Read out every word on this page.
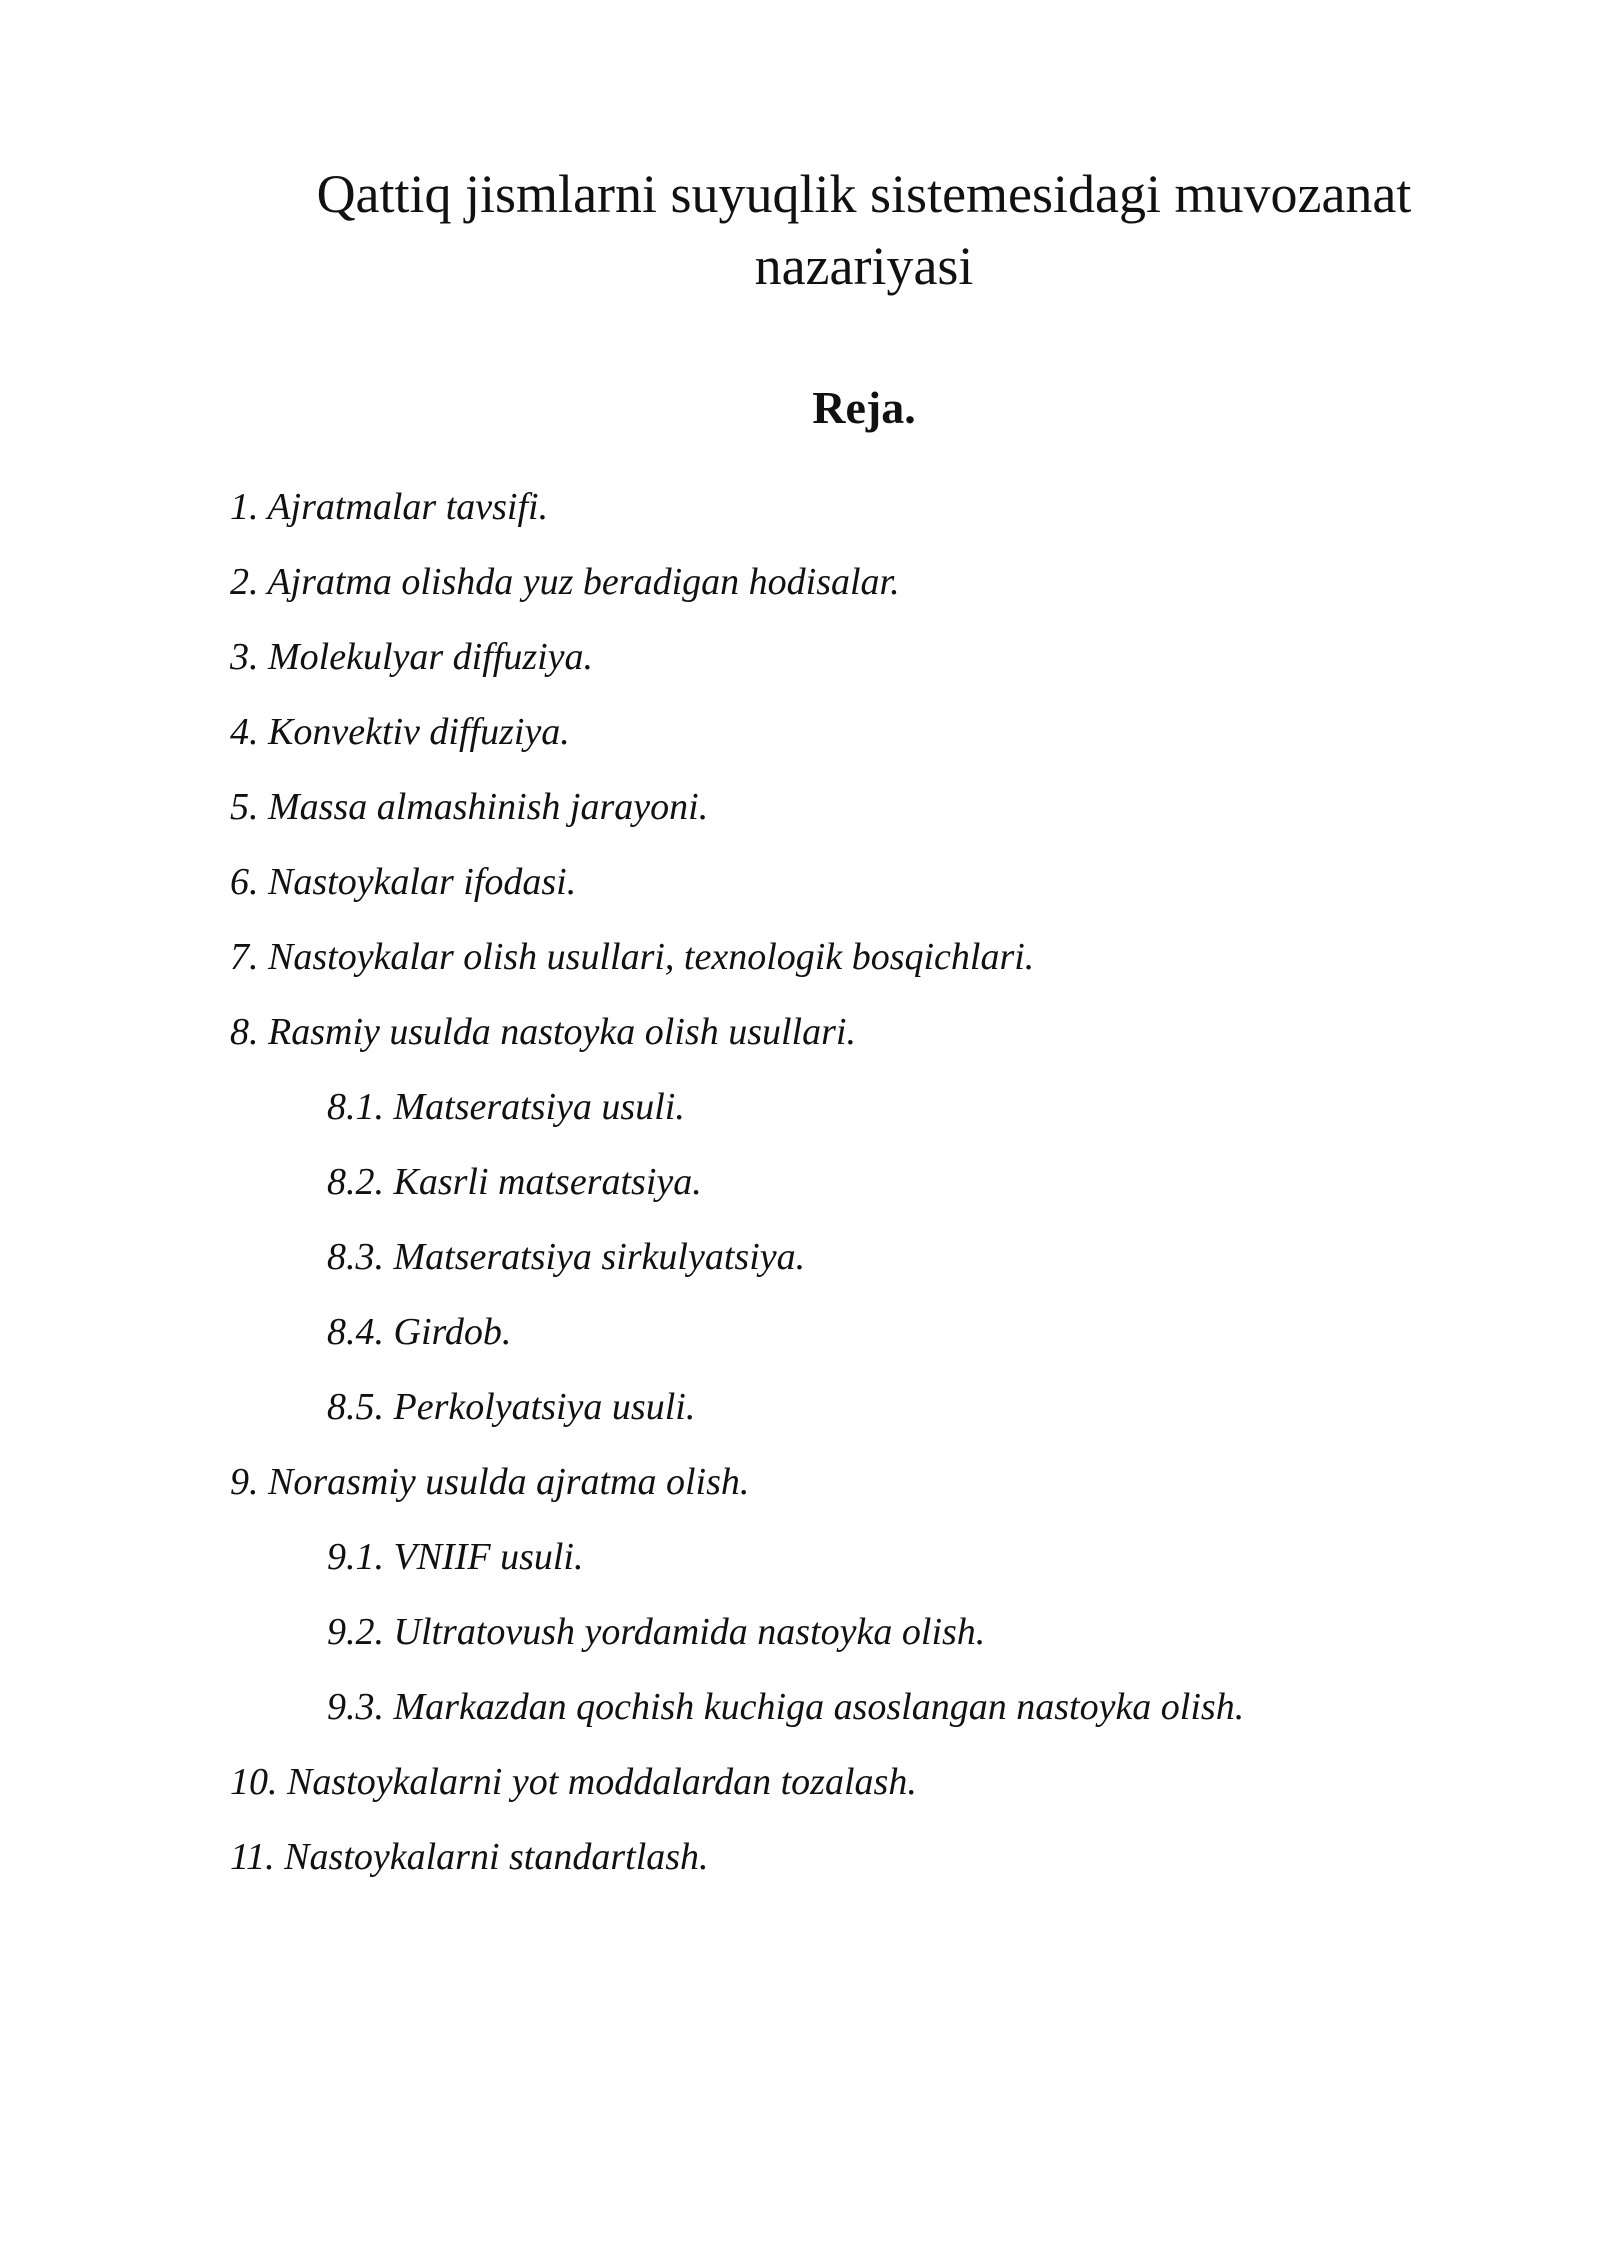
Qattiq jismlarni suyuqlik sistemesidagi muvozanat nazariyasi
Reja.
1. Ajratmalar tavsifi.
2. Ajratma olishda yuz beradigan hodisalar.
3. Molekulyar diffuziya.
4. Konvektiv diffuziya.
5. Massa almashinish jarayoni.
6. Nastoykalar ifodasi.
7. Nastoykalar olish usullari, texnologik bosqichlari.
8. Rasmiy usulda nastoyka olish usullari.
8.1. Matseratsiya usuli.
8.2. Kasrli matseratsiya.
8.3. Matseratsiya sirkulyatsiya.
8.4. Girdob.
8.5. Perkolyatsiya usuli.
9. Norasmiy usulda ajratma olish.
9.1. VNIIF usuli.
9.2. Ultratovush yordamida nastoyka olish.
9.3. Markazdan qochish kuchiga asoslangan nastoyka olish.
10. Nastoykalarni yot moddalardan tozalash.
11. Nastoykalarni standartlash.
